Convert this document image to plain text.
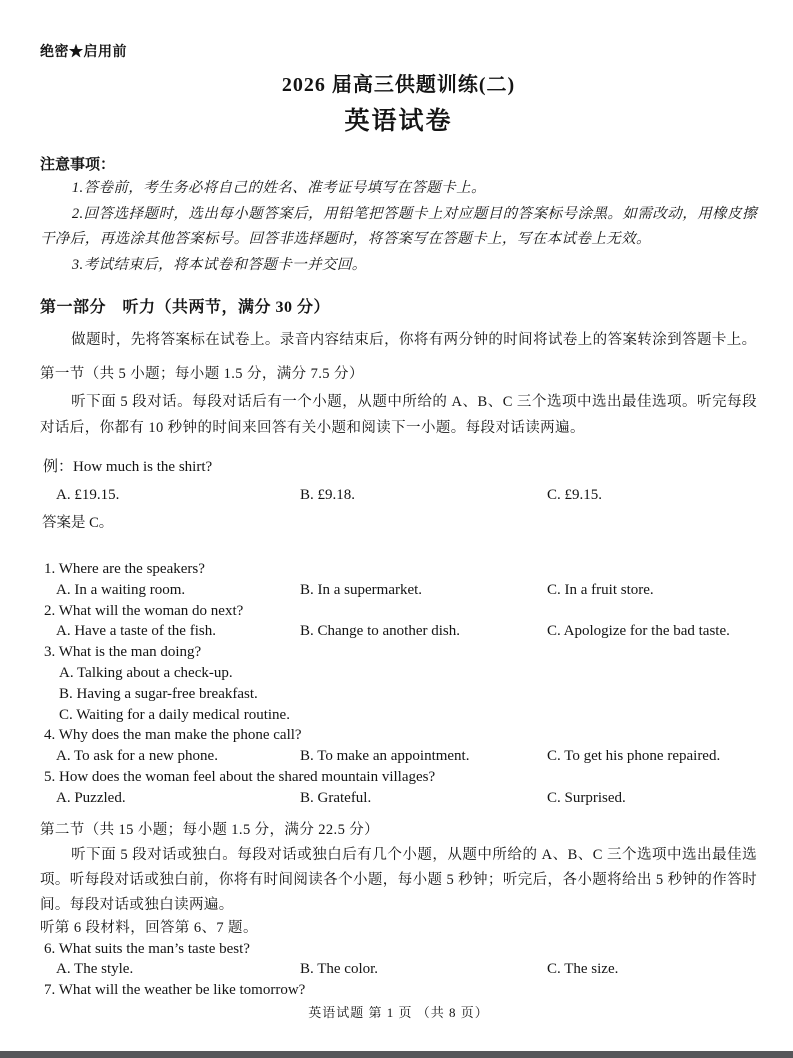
绝密★启用前
2026 届高三供题训练(二)
英语试卷
注意事项：
1.答卷前，考生务必将自己的姓名、准考证号填写在答题卡上。
2.回答选择题时，选出每小题答案后，用铅笔把答题卡上对应题目的答案标号涂黑。如需改动，用橡皮擦干净后，再选涂其他答案标号。回答非选择题时，将答案写在答题卡上，写在本试卷上无效。
3.考试结束后，将本试卷和答题卡一并交回。
第一部分　听力（共两节，满分 30 分）
做题时，先将答案标在试卷上。录音内容结束后，你将有两分钟的时间将试卷上的答案转涂到答题卡上。
第一节（共 5 小题；每小题 1.5 分，满分 7.5 分）
听下面 5 段对话。每段对话后有一个小题，从题中所给的 A、B、C 三个选项中选出最佳选项。听完每段对话后，你都有 10 秒钟的时间来回答有关小题和阅读下一小题。每段对话读两遍。
例：How much is the shirt?
A. £19.15.	B. £9.18.	C. £9.15.
答案是 C。
1. Where are the speakers?
A. In a waiting room.	B. In a supermarket.	C. In a fruit store.
2. What will the woman do next?
A. Have a taste of the fish.	B. Change to another dish.	C. Apologize for the bad taste.
3. What is the man doing?
A. Talking about a check-up.
B. Having a sugar-free breakfast.
C. Waiting for a daily medical routine.
4. Why does the man make the phone call?
A. To ask for a new phone.	B. To make an appointment.	C. To get his phone repaired.
5. How does the woman feel about the shared mountain villages?
A. Puzzled.	B. Grateful.	C. Surprised.
第二节（共 15 小题；每小题 1.5 分，满分 22.5 分）
听下面 5 段对话或独白。每段对话或独白后有几个小题，从题中所给的 A、B、C 三个选项中选出最佳选项。听每段对话或独白前，你将有时间阅读各个小题，每小题 5 秒钟；听完后，各小题将给出 5 秒钟的作答时间。每段对话或独白读两遍。
听第 6 段材料，回答第 6、7 题。
6. What suits the man’s taste best?
A. The style.	B. The color.	C. The size.
7. What will the weather be like tomorrow?
英语试题 第 1 页 （共 8 页）
